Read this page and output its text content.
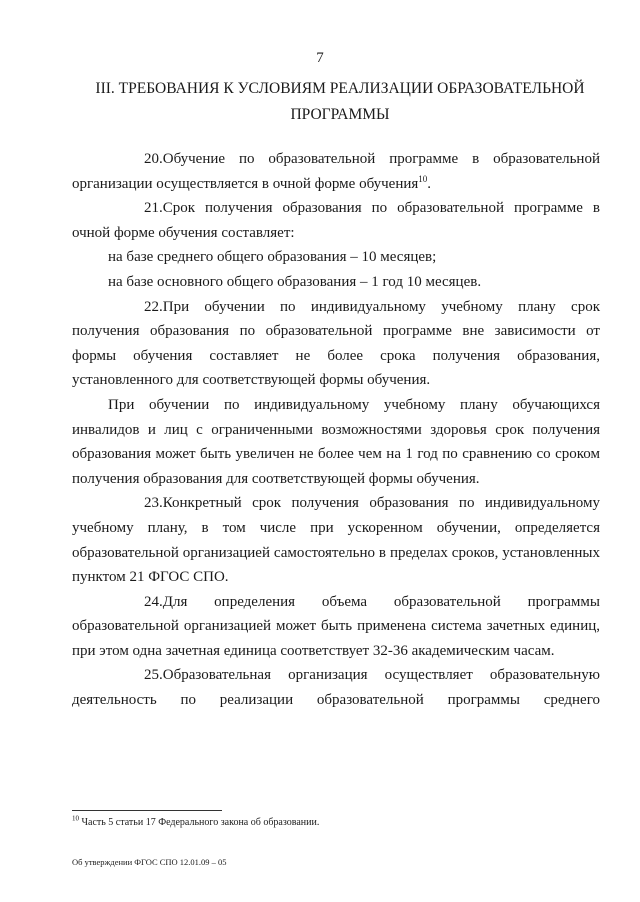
7
III. ТРЕБОВАНИЯ К УСЛОВИЯМ РЕАЛИЗАЦИИ ОБРАЗОВАТЕЛЬНОЙ ПРОГРАММЫ

20.Обучение по образовательной программе в образовательной организации осуществляется в очной форме обучения$^{10}$.

21.Срок получения образования по образовательной программе в очной форме обучения составляет:

на базе среднего общего образования – 10 месяцев;

на базе основного общего образования – 1 год 10 месяцев.

22.При обучении по индивидуальному учебному плану срок получения образования по образовательной программе вне зависимости от формы обучения составляет не более срока получения образования, установленного для соответствующей формы обучения.

При обучении по индивидуальному учебному плану обучающихся инвалидов и лиц с ограниченными возможностями здоровья срок получения образования может быть увеличен не более чем на 1 год по сравнению со сроком получения образования для соответствующей формы обучения.

23.Конкретный срок получения образования по индивидуальному учебному плану, в том числе при ускоренном обучении, определяется образовательной организацией самостоятельно в пределах сроков, установленных пунктом 21 ФГОС СПО.

24.Для определения объема образовательной программы образовательной организацией может быть применена система зачетных единиц, при этом одна зачетная единица соответствует 32-36 академическим часам.

25.Образовательная организация осуществляет образовательную деятельность по реализации образовательной программы среднего

$^{10}$ Часть 5 статьи 17 Федерального закона об образовании.
Об утверждении ФГОС СПО 12.01.09 – 05
